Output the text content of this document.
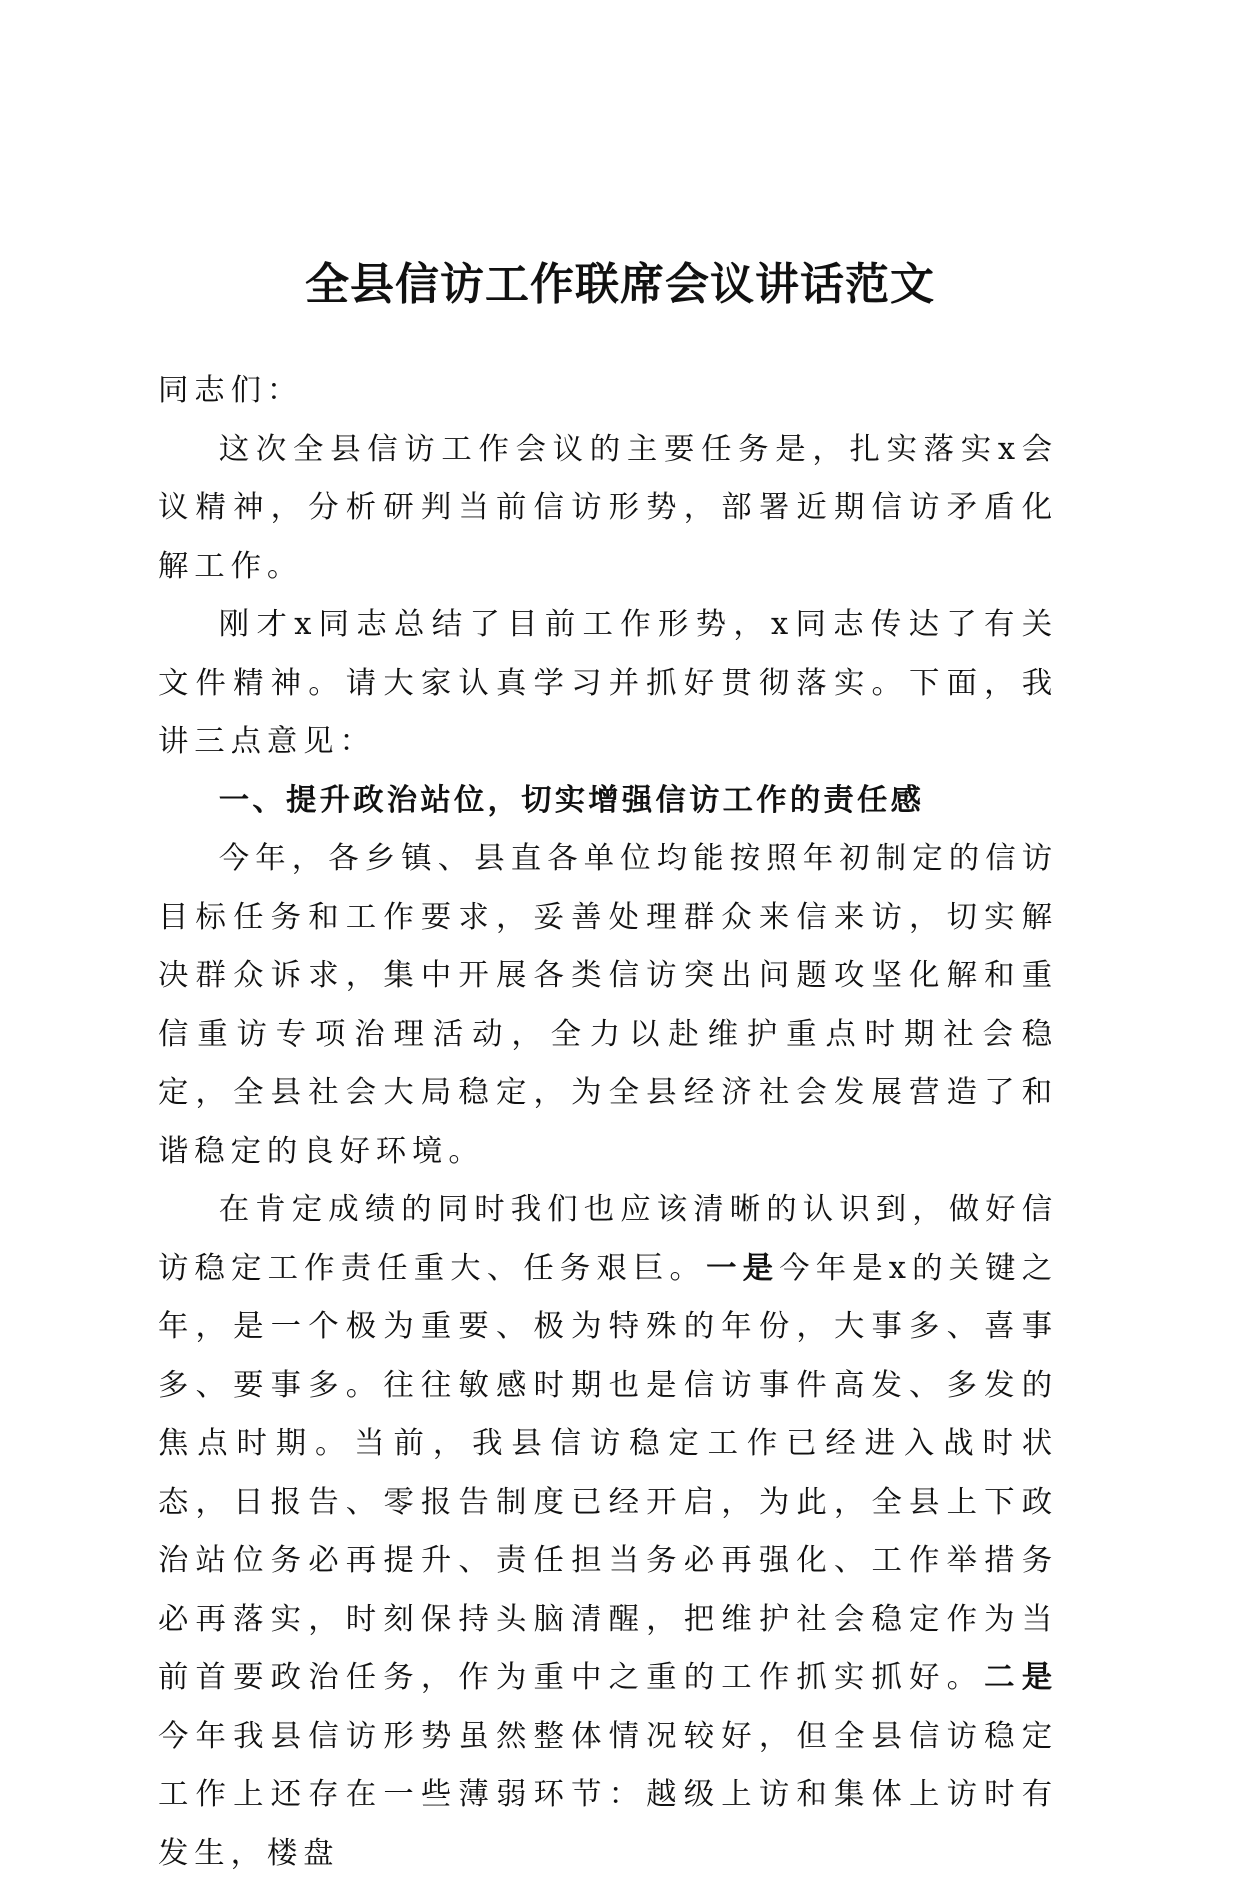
全县信访工作联席会议讲话范文

同志们：

这次全县信访工作会议的主要任务是，扎实落实x会议精神，分析研判当前信访形势，部署近期信访矛盾化解工作。

刚才x同志总结了目前工作形势，x同志传达了有关文件精神。请大家认真学习并抓好贯彻落实。下面，我讲三点意见：

一、提升政治站位，切实增强信访工作的责任感

今年，各乡镇、县直各单位均能按照年初制定的信访目标任务和工作要求，妥善处理群众来信来访，切实解决群众诉求，集中开展各类信访突出问题攻坚化解和重信重访专项治理活动，全力以赴维护重点时期社会稳定，全县社会大局稳定，为全县经济社会发展营造了和谐稳定的良好环境。

在肯定成绩的同时我们也应该清晰的认识到，做好信访稳定工作责任重大、任务艰巨。一是今年是x的关键之年，是一个极为重要、极为特殊的年份，大事多、喜事多、要事多。往往敏感时期也是信访事件高发、多发的焦点时期。当前，我县信访稳定工作已经进入战时状态，日报告、零报告制度已经开启，为此，全县上下政治站位务必再提升、责任担当务必再强化、工作举措务必再落实，时刻保持头脑清醒，把维护社会稳定作为当前首要政治任务，作为重中之重的工作抓实抓好。二是今年我县信访形势虽然整体情况较好，但全县信访稳定工作上还存在一些薄弱环节：越级上访和集体上访时有发生，楼盘
